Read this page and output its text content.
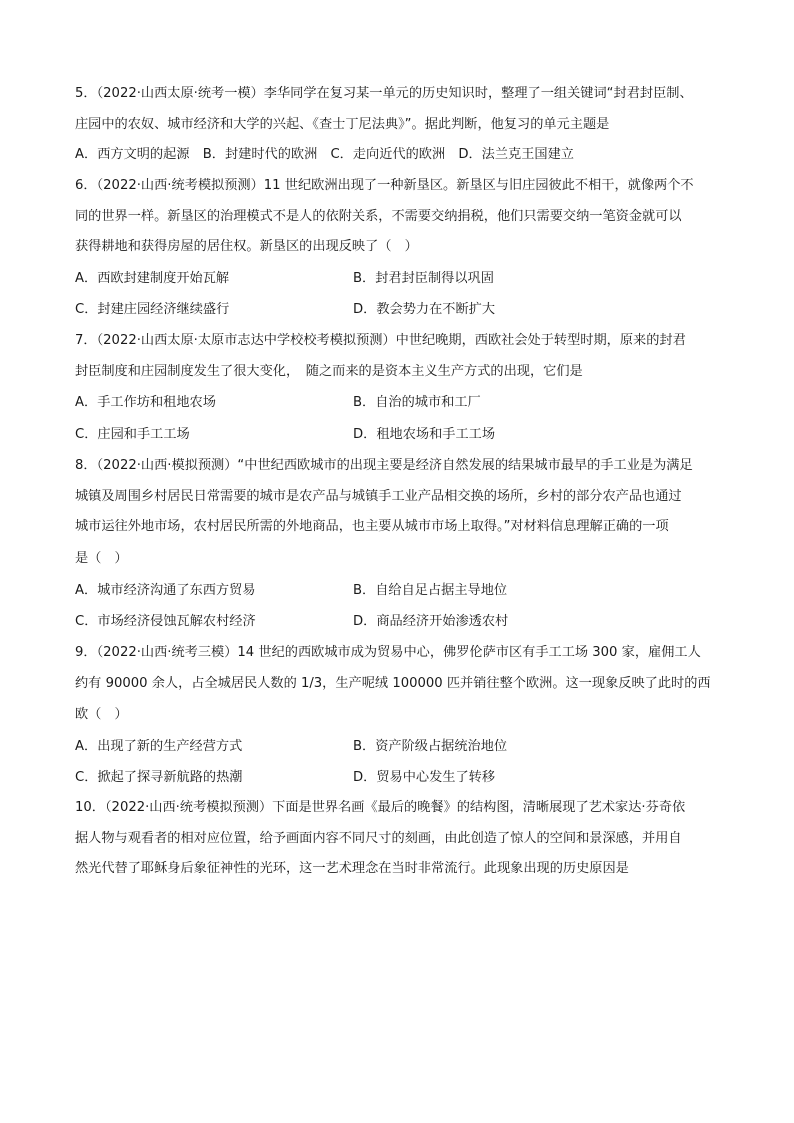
5．（2022·山西太原·统考一模）李华同学在复习某一单元的历史知识时，整理了一组关键词“封君封臣制、
庄园中的农奴、城市经济和大学的兴起、《查士丁尼法典》”。据此判断，他复习的单元主题是
A．西方文明的起源　B．封建时代的欧洲　C．走向近代的欧洲　D．法兰克王国建立
6．（2022·山西·统考模拟预测）11 世纪欧洲出现了一种新垦区。新垦区与旧庄园彼此不相干，就像两个不
同的世界一样。新垦区的治理模式不是人的依附关系，不需要交纳捐税，他们只需要交纳一笔资金就可以
获得耕地和获得房屋的居住权。新垦区的出现反映了（　）
A．西欧封建制度开始瓦解	B．封君封臣制得以巩固
C．封建庄园经济继续盛行	D．教会势力在不断扩大
7．（2022·山西太原·太原市志达中学校校考模拟预测）中世纪晚期，西欧社会处于转型时期，原来的封君
封臣制度和庄园制度发生了很大变化，　随之而来的是资本主义生产方式的出现，它们是
A．手工作坊和租地农场	B．自治的城市和工厂
C．庄园和手工工场	D．租地农场和手工工场
8．（2022·山西·模拟预测）“中世纪西欧城市的出现主要是经济自然发展的结果城市最早的手工业是为满足
城镇及周围乡村居民日常需要的城市是农产品与城镇手工业产品相交换的场所，乡村的部分农产品也通过
城市运往外地市场，农村居民所需的外地商品，也主要从城市市场上取得。”对材料信息理解正确的一项
是（　）
A．城市经济沟通了东西方贸易	B．自给自足占据主导地位
C．市场经济侵蚀瓦解农村经济	D．商品经济开始渗透农村
9．（2022·山西·统考三模）14 世纪的西欧城市成为贸易中心，佛罗伦萨市区有手工工场 300 家，雇佣工人
约有 90000 余人，占全城居民人数的 1/3，生产呢绒 100000 匹并销往整个欧洲。这一现象反映了此时的西
欧（　）
A．出现了新的生产经营方式	B．资产阶级占据统治地位
C．掀起了探寻新航路的热潮	D．贸易中心发生了转移
10．（2022·山西·统考模拟预测）下面是世界名画《最后的晚餐》的结构图，清晰展现了艺术家达·芬奇依
据人物与观看者的相对应位置，给予画面内容不同尺寸的刻画，由此创造了惊人的空间和景深感，并用自
然光代替了耶稣身后象征神性的光环，这一艺术理念在当时非常流行。此现象出现的历史原因是
